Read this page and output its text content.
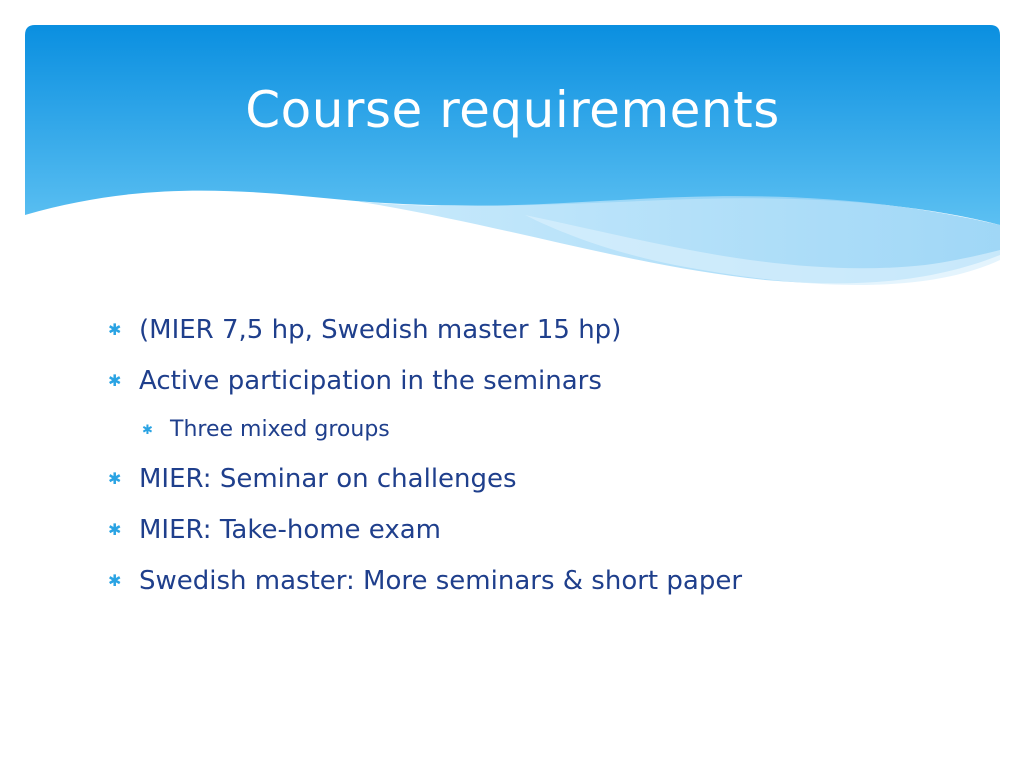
Course requirements
✱ (MIER 7,5 hp, Swedish master 15 hp)
✱ Active participation in the seminars
✱ Three mixed groups
✱ MIER: Seminar on challenges
✱ MIER: Take-home exam
✱ Swedish master: More seminars & short paper
